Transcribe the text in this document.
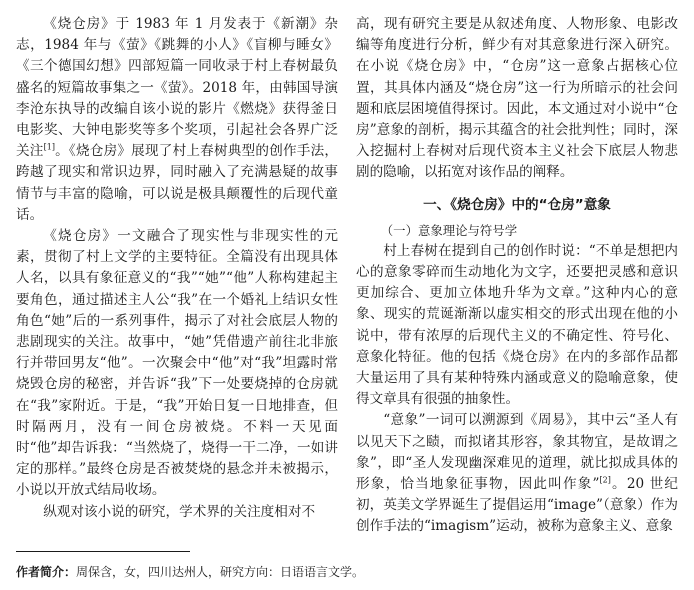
《烧仓房》于 1983 年 1 月发表于《新潮》杂志，1984 年与《萤》《跳舞的小人》《盲柳与睡女》《三个德国幻想》四部短篇一同收录于村上春树最负盛名的短篇故事集之一《萤》。2018 年，由韩国导演李沧东执导的改编自该小说的影片《燃烧》获得釜日电影奖、大钟电影奖等多个奖项，引起社会各界广泛关注[1]。《烧仓房》展现了村上春树典型的创作手法，跨越了现实和常识边界，同时融入了充满悬疑的故事情节与丰富的隐喻，可以说是极具颠覆性的后现代童话。

《烧仓房》一文融合了现实性与非现实性的元素，贯彻了村上文学的主要特征。全篇没有出现具体人名，以具有象征意义的“我”“她”“他”人称构建起主要角色，通过描述主人公“我”在一个婚礼上结识女性角色“她”后的一系列事件，揭示了对社会底层人物的悲剧现实的关注。故事中，“她”凭借遗产前往北非旅行并带回男友“他”。一次聚会中“他”对“我”坦露时常烧毁仓房的秘密，并告诉“我”下一处要烧掉的仓房就在“我”家附近。于是，“我”开始日复一日地排查，但时隔两月，没有一间仓房被烧。不料一天见面时“他”却告诉我：“当然烧了，烧得一干二净，一如讲定的那样。”最终仓房是否被焚烧的悬念并未被揭示，小说以开放式结局收场。

纵观对该小说的研究，学术界的关注度相对不

高，现有研究主要是从叙述角度、人物形象、电影改编等角度进行分析，鲜少有对其意象进行深入研究。在小说《烧仓房》中，“仓房”这一意象占据核心位置，其具体内涵及“烧仓房”这一行为所暗示的社会问题和底层困境值得探讨。因此，本文通过对小说中“仓房”意象的剖析，揭示其蕴含的社会批判性；同时，深入挖掘村上春树对后现代资本主义社会下底层人物悲剧的隐喻，以拓宽对该作品的阐释。

一、《烧仓房》中的“仓房”意象
（一）意象理论与符号学

村上春树在提到自己的创作时说：“不单是想把内心的意象零碎而生动地化为文字，还要把灵感和意识更加综合、更加立体地升华为文章。”这种内心的意象、现实的荒诞渐渐以虚实相交的形式出现在他的小说中，带有浓厚的后现代主义的不确定性、符号化、意象化特征。他的包括《烧仓房》在内的多部作品都大量运用了具有某种特殊内涵或意义的隐喻意象，使得文章具有很强的抽象性。

“意象”一词可以溯源到《周易》，其中云“圣人有以见天下之赜，而拟诸其形容，象其物宜，是故谓之象”，即“圣人发现幽深难见的道理，就比拟成具体的形象，恰当地象征事物，因此叫作象”[2]。20 世纪初，英美文学界诞生了提倡运用“image”（意象）作为创作手法的“imagism”运动，被称为意象主义、意象

作者简介：周保含，女，四川达州人，研究方向：日语语言文学。
